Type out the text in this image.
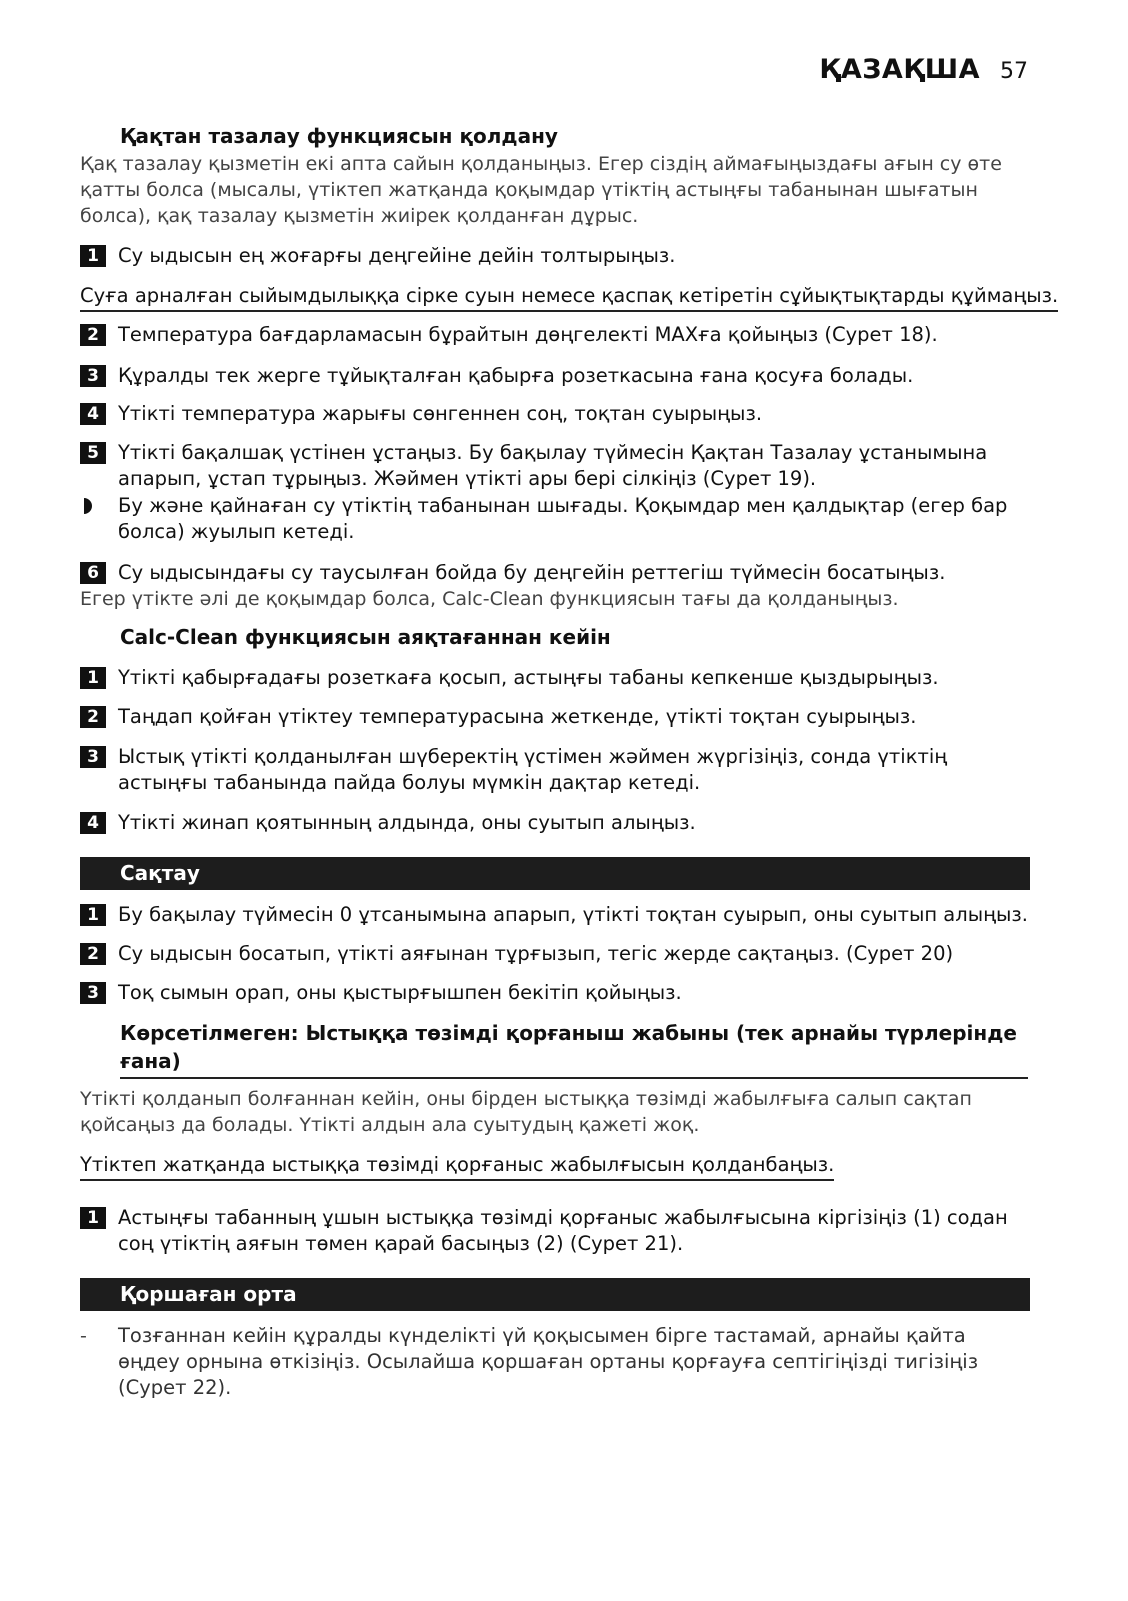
ҚАЗАҚША 57
Қақтан тазалау функциясын қолдану
Қақ тазалау қызметін екі апта сайын қолданыңыз. Егер сіздің аймағыңыздағы ағын су өте қатты болса (мысалы, үтіктеп жатқанда қоқымдар үтіктің астыңғы табанынан шығатын болса), қақ тазалау қызметін жиірек қолданған дұрыс.
1 Су ыдысын ең жоғарғы деңгейіне дейін толтырыңыз.
Суға арналған сыйымдылыққа сірке суын немесе қаспақ кетіретін сұйықтықтарды құймаңыз.
2 Температура бағдарламасын бұрайтын дөңгелекті MAXға қойыңыз (Сурет 18).
3 Құралды тек жерге тұйықталған қабырға розеткасына ғана қосуға болады.
4 Үтікті температура жарығы сөнгеннен соң, тоқтан суырыңыз.
5 Үтікті бақалшақ үстінен ұстаңыз. Бу бақылау түймесін Қақтан Тазалау ұстанымына апарып, ұстап тұрыңыз. Жәймен үтікті ары бері сілкіңіз (Сурет 19).
Бу және қайнаған су үтіктің табанынан шығады. Қоқымдар мен қалдықтар (егер бар болса) жуылып кетеді.
6 Су ыдысындағы су таусылған бойда бу деңгейін реттегіш түймесін босатыңыз.
Егер үтікте әлі де қоқымдар болса, Calc-Clean функциясын тағы да қолданыңыз.
Calc-Clean функциясын аяқтағаннан кейін
1 Үтікті қабырғадағы розеткаға қосып, астыңғы табаны кепкенше қыздырыңыз.
2 Таңдап қойған үтіктеу температурасына жеткенде, үтікті тоқтан суырыңыз.
3 Ыстық үтікті қолданылған шүберектің үстімен жәймен жүргізіңіз, сонда үтіктің астыңғы табанында пайда болуы мүмкін дақтар кетеді.
4 Үтікті жинап қоятынның алдында, оны суытып алыңыз.
Сақтау
1 Бу бақылау түймесін 0 ұтсанымына апарып, үтікті тоқтан суырып, оны суытып алыңыз.
2 Су ыдысын босатып, үтікті аяғынан тұрғызып, тегіс жерде сақтаңыз. (Сурет 20)
3 Тоқ сымын орап, оны қыстырғышпен бекітіп қойыңыз.
Көрсетілмеген: Ыстыққа төзімді қорғаныш жабыны (тек арнайы түрлерінде ғана)
Үтікті қолданып болғаннан кейін, оны бірден ыстыққа төзімді жабылғыға салып сақтап қойсаңыз да болады. Үтікті алдын ала суытудың қажеті жоқ.
Үтіктеп жатқанда ыстыққа төзімді қорғаныс жабылғысын қолданбаңыз.
1 Астыңғы табанның ұшын ыстыққа төзімді қорғаныс жабылғысына кіргізіңіз (1) содан соң үтіктің аяғын төмен қарай басыңыз (2) (Сурет 21).
Қоршаған орта
-	Тозғаннан кейін құралды күнделікті үй қоқысымен бірге тастамай, арнайы қайта өңдеу орнына өткізіңіз. Осылайша қоршаған ортаны қорғауға септігіңізді тигізіңіз (Сурет 22).
